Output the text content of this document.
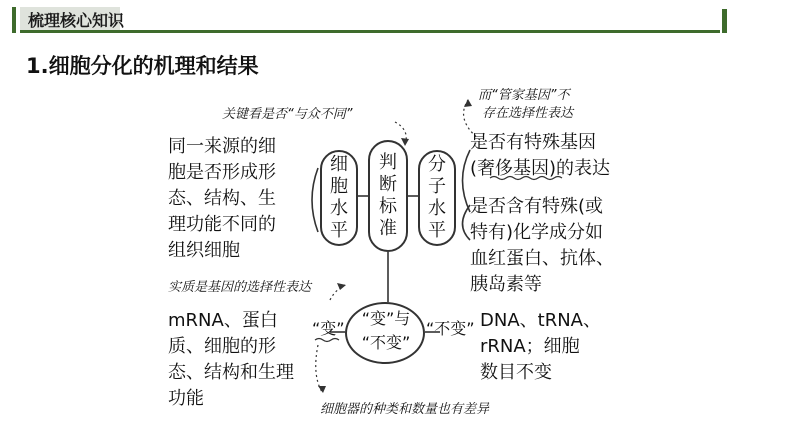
梳理核心知识
1.细胞分化的机理和结果
关键看是否“与众不同”
而“管家基因”不
存在选择性表达
实质是基因的选择性表达
细胞器的种类和数量也有差异
同一来源的细
胞是否形成形
态、结构、生
理功能不同的
组织细胞
细胞水平
判断标准
分子水平
是否有特殊基因
(奢侈基因)的表达
是否含有特殊(或
特有)化学成分如
血红蛋白、抗体、
胰岛素等
“变”与
“不变”
“变”	“不变”
mRNA、蛋白
质、细胞的形
态、结构和生理
功能
DNA、tRNA、
rRNA；细胞
数目不变
